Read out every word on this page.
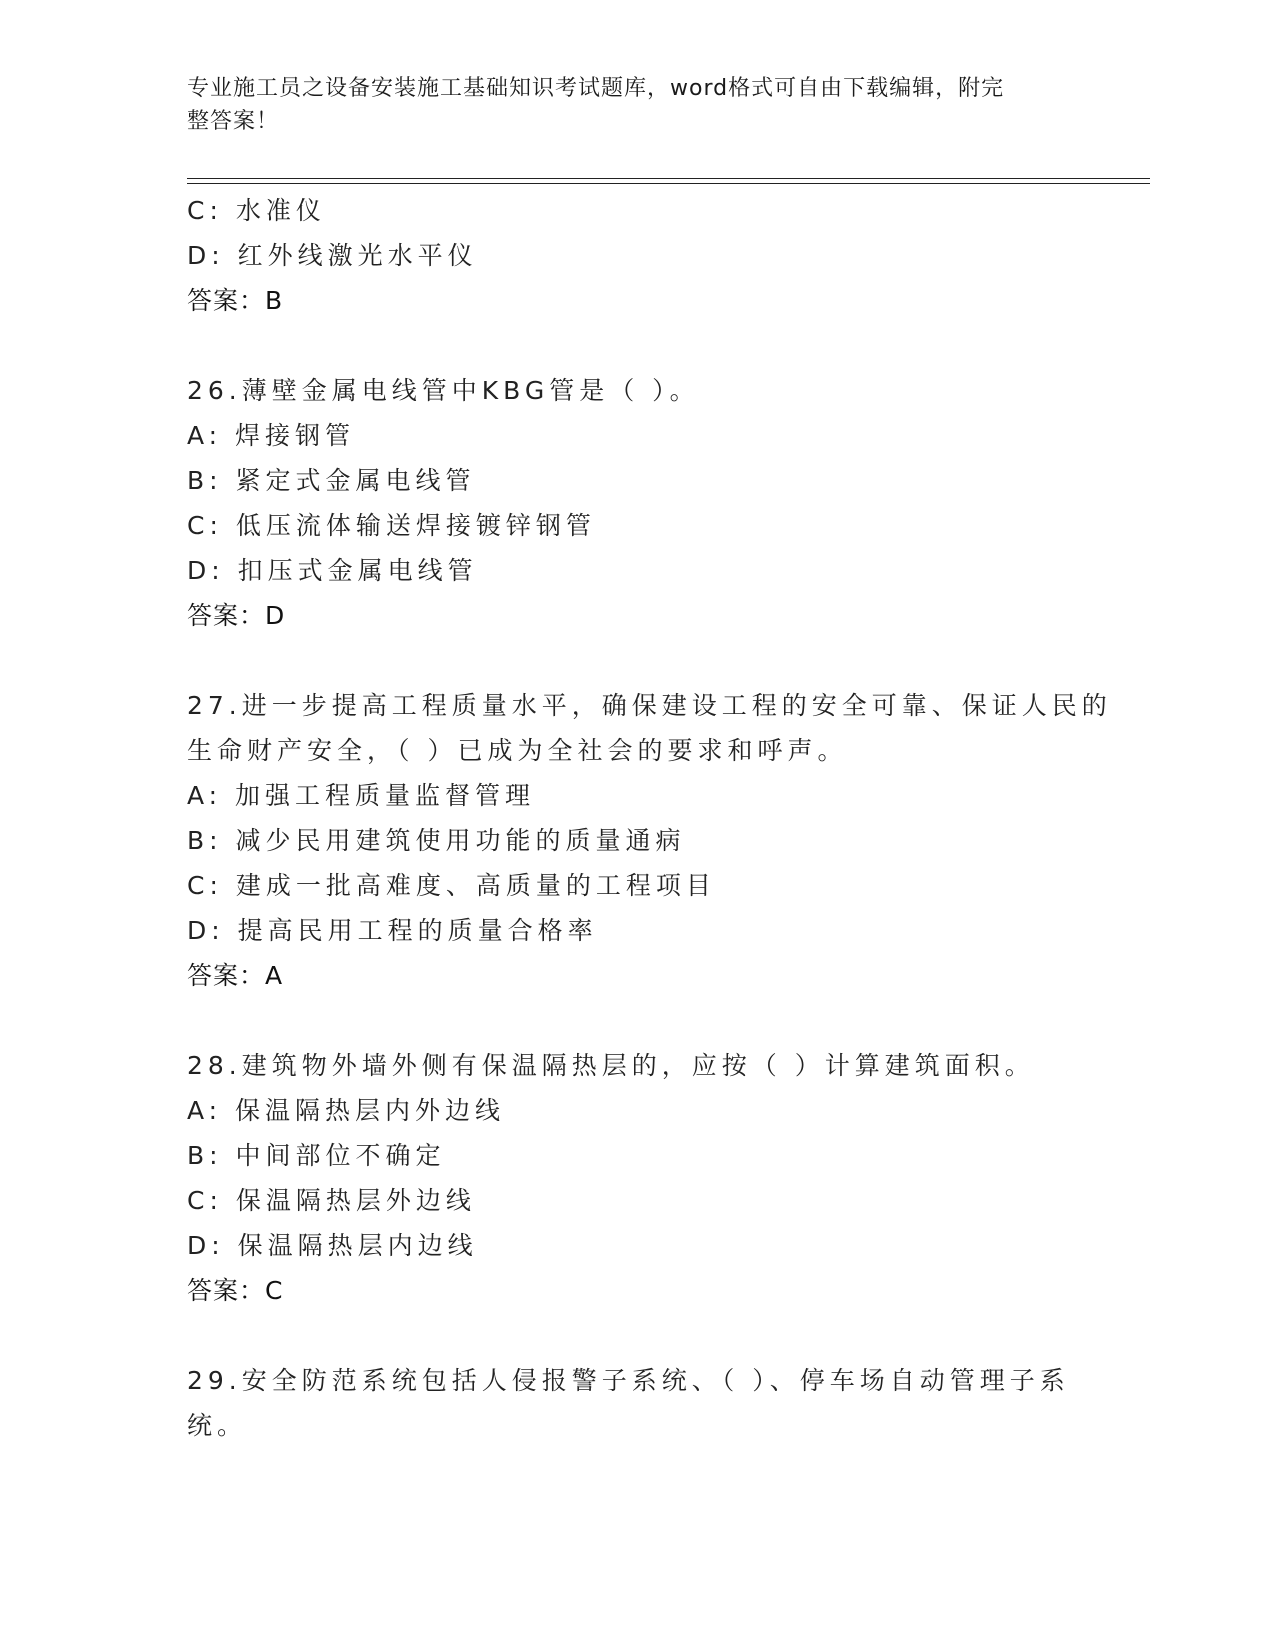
专业施工员之设备安装施工基础知识考试题库，word格式可自由下载编辑，附完
整答案！
C: 水准仪
D: 红外线激光水平仪
答案：B
26.薄壁金属电线管中KBG管是（ ）。
A: 焊接钢管
B: 紧定式金属电线管
C: 低压流体输送焊接镀锌钢管
D: 扣压式金属电线管
答案：D
27.进一步提高工程质量水平，确保建设工程的安全可靠、保证人民的
生命财产安全，（ ）已成为全社会的要求和呼声。
A: 加强工程质量监督管理
B: 减少民用建筑使用功能的质量通病
C: 建成一批高难度、高质量的工程项目
D: 提高民用工程的质量合格率
答案：A
28.建筑物外墙外侧有保温隔热层的，应按（ ）计算建筑面积。
A: 保温隔热层内外边线
B: 中间部位不确定
C: 保温隔热层外边线
D: 保温隔热层内边线
答案：C
29.安全防范系统包括人侵报警子系统、（ ）、停车场自动管理子系
统。
